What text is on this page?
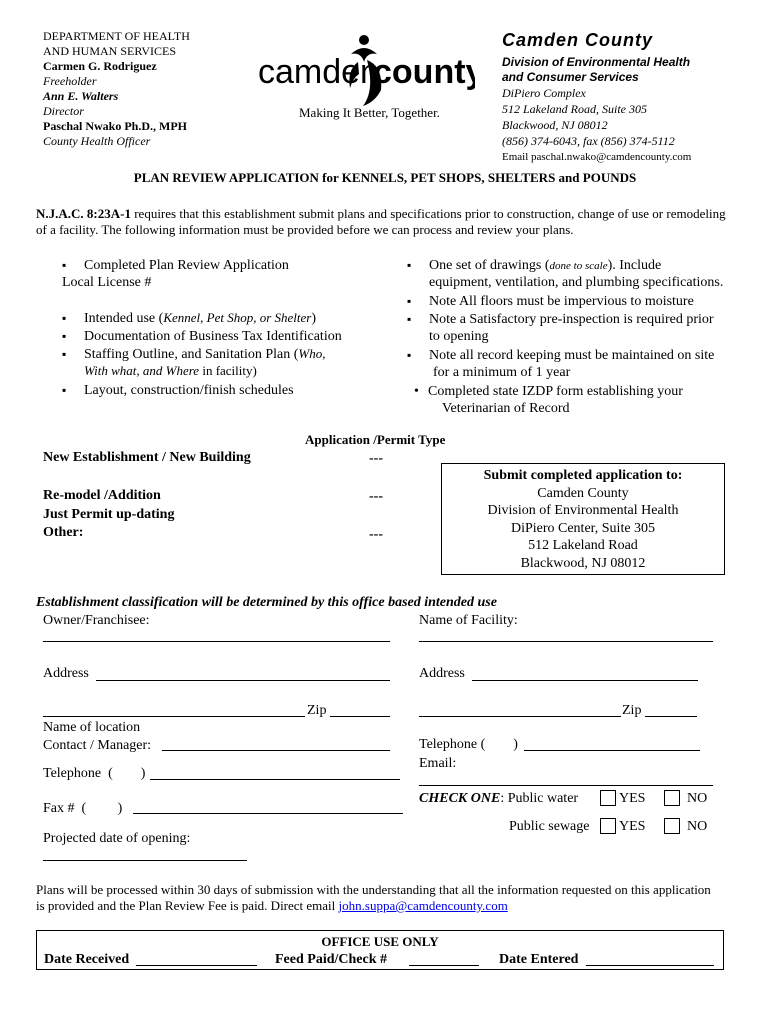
DEPARTMENT OF HEALTH
AND HUMAN SERVICES
Carmen G. Rodriguez
Freeholder
Ann E. Walters
Director
Paschal Nwako Ph.D., MPH
County Health Officer
camden
county
Making It Better, Together.
Camden County
Division of Environmental Health
and Consumer Services
DiPiero Complex
512 Lakeland Road, Suite 305
Blackwood, NJ 08012
(856) 374-6043, fax (856) 374-5112
Email paschal.nwako@camdencounty.com
PLAN REVIEW APPLICATION for KENNELS, PET SHOPS, SHELTERS and POUNDS
N.J.A.C. 8:23A-1 requires that this establishment submit plans and specifications prior to construction, change of use or remodeling of a facility. The following information must be provided before we can process and review your plans.
▪ Completed Plan Review Application
Local License #
▪ Intended use (Kennel, Pet Shop, or Shelter)
▪ Documentation of Business Tax Identification
▪ Staffing Outline, and Sanitation Plan (Who,
With what, and Where in facility)
▪ Layout, construction/finish schedules
▪ One set of drawings (done to scale). Include
equipment, ventilation, and plumbing specifications.
▪ Note All floors must be impervious to moisture
▪ Note a Satisfactory pre-inspection is required prior
to opening
▪ Note all record keeping must be maintained on site
for a minimum of 1 year
• Completed state IZDP form establishing your
Veterinarian of Record
Application /Permit Type
New Establishment / New Building	---
Re-model /Addition	---
Just Permit up-dating
Other:	---
Submit completed application to:
Camden County
Division of Environmental Health
DiPiero Center, Suite 305
512 Lakeland Road
Blackwood, NJ 08012
Establishment classification will be determined by this office based intended use
Owner/Franchisee:
Address
Zip
Name of location
Contact / Manager:
Telephone  (        )
Fax #  (         )
Projected date of opening:
Name of Facility:
Address
Zip
Telephone (        )
Email:
CHECK ONE: Public water	YES	NO
Public sewage YES	NO
Plans will be processed within 30 days of submission with the understanding that all the information requested on this application is provided and the Plan Review Fee is paid. Direct email john.suppa@camdencounty.com
OFFICE USE ONLY
Date Received	Feed Paid/Check #	Date Entered
